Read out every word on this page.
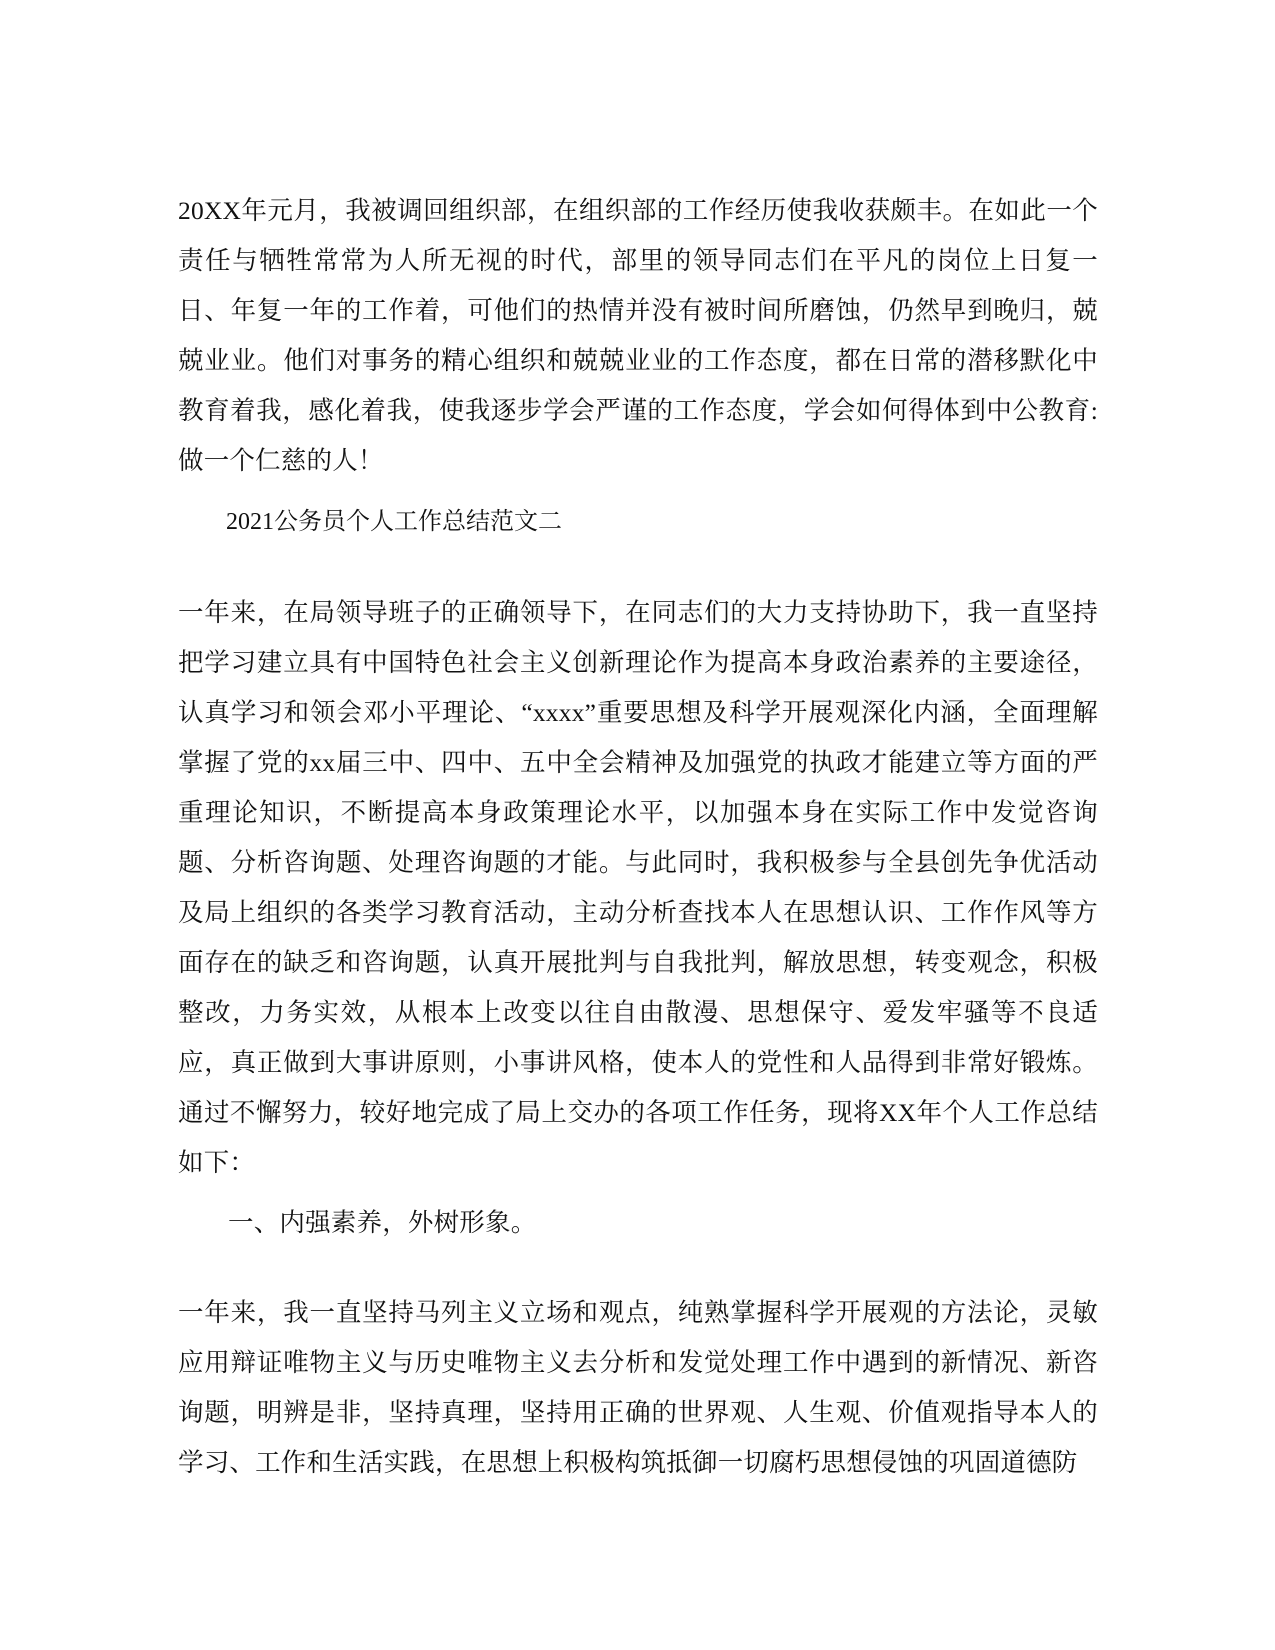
20XX年元月，我被调回组织部，在组织部的工作经历使我收获颇丰。在如此一个责任与牺牲常常为人所无视的时代，部里的领导同志们在平凡的岗位上日复一日、年复一年的工作着，可他们的热情并没有被时间所磨蚀，仍然早到晚归，兢兢业业。他们对事务的精心组织和兢兢业业的工作态度，都在日常的潜移默化中教育着我，感化着我，使我逐步学会严谨的工作态度，学会如何得体到中公教育:做一个仁慈的人！

2021公务员个人工作总结范文二

一年来，在局领导班子的正确领导下，在同志们的大力支持协助下，我一直坚持把学习建立具有中国特色社会主义创新理论作为提高本身政治素养的主要途径，认真学习和领会邓小平理论、“xxxx”重要思想及科学开展观深化内涵，全面理解掌握了党的xx届三中、四中、五中全会精神及加强党的执政才能建立等方面的严重理论知识，不断提高本身政策理论水平，以加强本身在实际工作中发觉咨询题、分析咨询题、处理咨询题的才能。与此同时，我积极参与全县创先争优活动及局上组织的各类学习教育活动，主动分析查找本人在思想认识、工作作风等方面存在的缺乏和咨询题，认真开展批判与自我批判，解放思想，转变观念，积极整改，力务实效，从根本上改变以往自由散漫、思想保守、爱发牢骚等不良适应，真正做到大事讲原则，小事讲风格，使本人的党性和人品得到非常好锻炼。通过不懈努力，较好地完成了局上交办的各项工作任务，现将XX年个人工作总结如下：

一、内强素养，外树形象。

一年来，我一直坚持马列主义立场和观点，纯熟掌握科学开展观的方法论，灵敏应用辩证唯物主义与历史唯物主义去分析和发觉处理工作中遇到的新情况、新咨询题，明辨是非，坚持真理，坚持用正确的世界观、人生观、价值观指导本人的学习、工作和生活实践，在思想上积极构筑抵御一切腐朽思想侵蚀的巩固道德防
